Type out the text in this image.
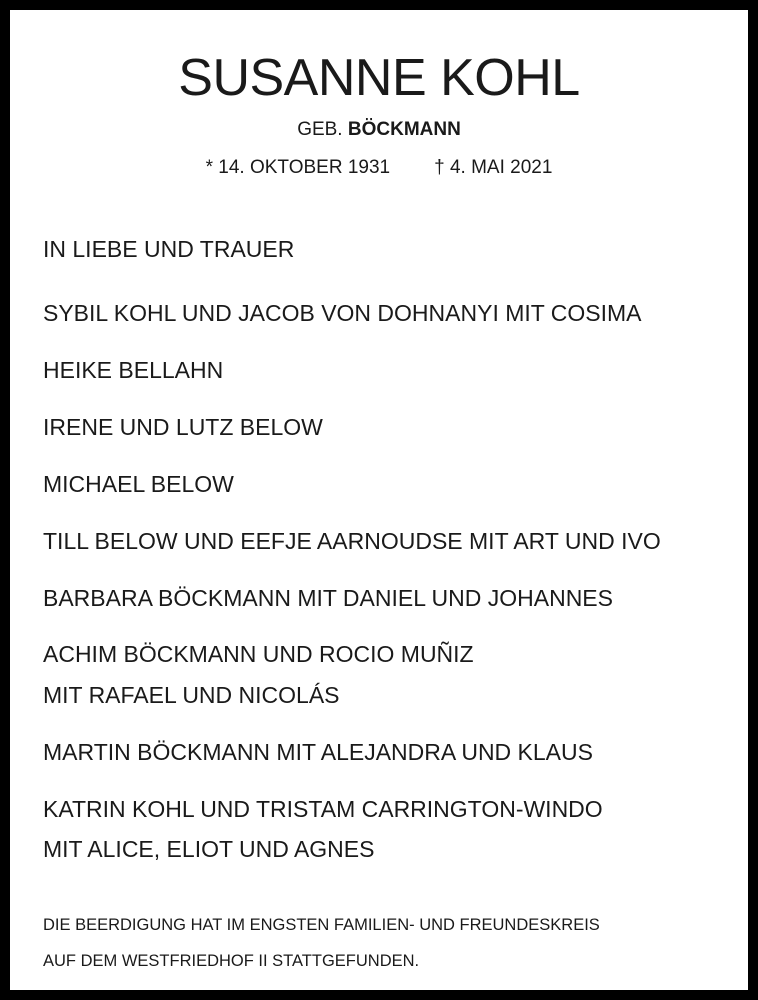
SUSANNE KOHL
GEB. BÖCKMANN
* 14. OKTOBER 1931 † 4. MAI 2021
IN LIEBE UND TRAUER
SYBIL KOHL UND JACOB VON DOHNANYI MIT COSIMA
HEIKE BELLAHN
IRENE UND LUTZ BELOW
MICHAEL BELOW
TILL BELOW UND EEFJE AARNOUDSE MIT ART UND IVO
BARBARA BÖCKMANN MIT DANIEL UND JOHANNES
ACHIM BÖCKMANN UND ROCIO MUÑIZ
MIT RAFAEL UND NICOLÁS
MARTIN BÖCKMANN MIT ALEJANDRA UND KLAUS
KATRIN KOHL UND TRISTAM CARRINGTON-WINDO
MIT ALICE, ELIOT UND AGNES
DIE BEERDIGUNG HAT IM ENGSTEN FAMILIEN- UND FREUNDESKREIS
AUF DEM WESTFRIEDHOF II STATTGEFUNDEN.
